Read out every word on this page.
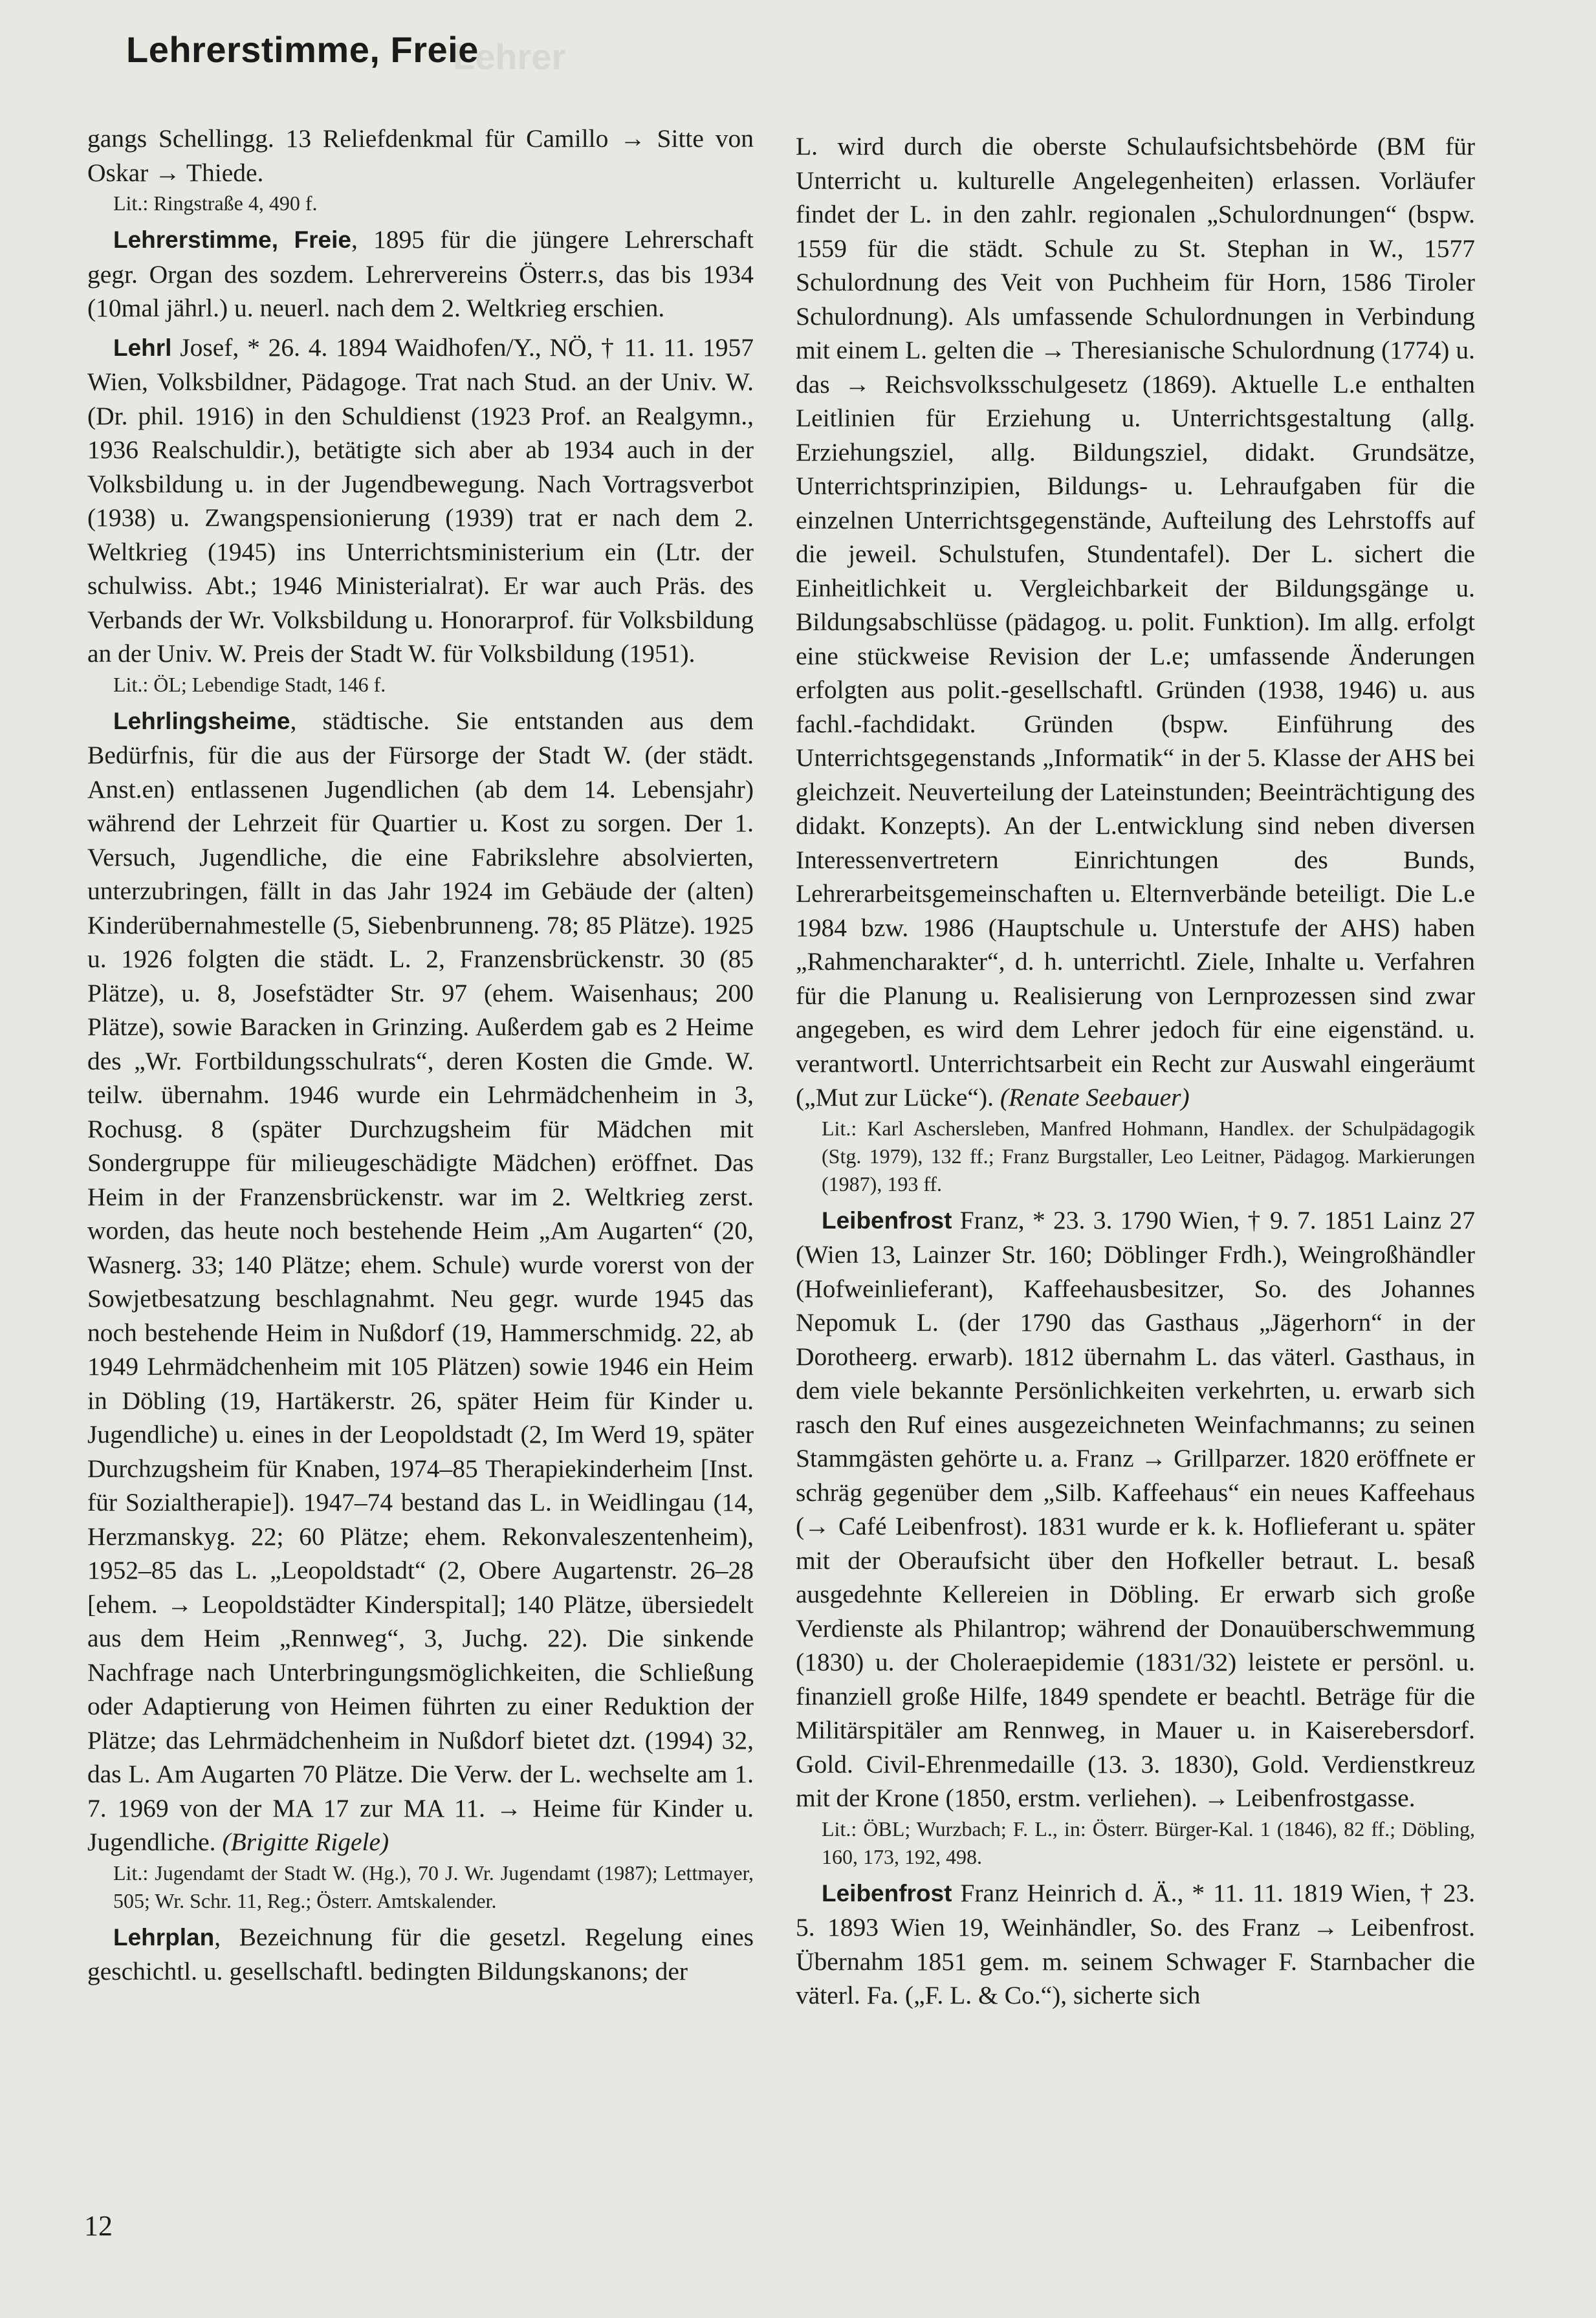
Lehrer
Lehrerstimme, Freie

gangs Schellingg. 13 Reliefdenkmal für Camillo → Sitte von Oskar → Thiede.

Lit.: Ringstraße 4, 490 f.

Lehrerstimme, Freie, 1895 für die jüngere Lehrerschaft gegr. Organ des sozdem. Lehrervereins Österr.s, das bis 1934 (10mal jährl.) u. neuerl. nach dem 2. Weltkrieg erschien.

Lehrl Josef, * 26. 4. 1894 Waidhofen/Y., NÖ, † 11. 11. 1957 Wien, Volksbildner, Pädagoge. Trat nach Stud. an der Univ. W. (Dr. phil. 1916) in den Schuldienst (1923 Prof. an Realgymn., 1936 Realschuldir.), betätigte sich aber ab 1934 auch in der Volksbildung u. in der Jugendbewegung. Nach Vortragsverbot (1938) u. Zwangspensionierung (1939) trat er nach dem 2. Weltkrieg (1945) ins Unterrichtsministerium ein (Ltr. der schulwiss. Abt.; 1946 Ministerialrat). Er war auch Präs. des Verbands der Wr. Volksbildung u. Honorarprof. für Volksbildung an der Univ. W. Preis der Stadt W. für Volksbildung (1951).

Lit.: ÖL; Lebendige Stadt, 146 f.

Lehrlingsheime, städtische. Sie entstanden aus dem Bedürfnis, für die aus der Fürsorge der Stadt W. (der städt. Anst.en) entlassenen Jugendlichen (ab dem 14. Lebensjahr) während der Lehrzeit für Quartier u. Kost zu sorgen. Der 1. Versuch, Jugendliche, die eine Fabrikslehre absolvierten, unterzubringen, fällt in das Jahr 1924 im Gebäude der (alten) Kinderübernahmestelle (5, Siebenbrunneng. 78; 85 Plätze). 1925 u. 1926 folgten die städt. L. 2, Franzensbrückenstr. 30 (85 Plätze), u. 8, Josefstädter Str. 97 (ehem. Waisenhaus; 200 Plätze), sowie Baracken in Grinzing. Außerdem gab es 2 Heime des „Wr. Fortbildungsschulrats“, deren Kosten die Gmde. W. teilw. übernahm. 1946 wurde ein Lehrmädchenheim in 3, Rochusg. 8 (später Durchzugsheim für Mädchen mit Sondergruppe für milieugeschädigte Mädchen) eröffnet. Das Heim in der Franzensbrückenstr. war im 2. Weltkrieg zerst. worden, das heute noch bestehende Heim „Am Augarten“ (20, Wasnerg. 33; 140 Plätze; ehem. Schule) wurde vorerst von der Sowjetbesatzung beschlagnahmt. Neu gegr. wurde 1945 das noch bestehende Heim in Nußdorf (19, Hammerschmidg. 22, ab 1949 Lehrmädchenheim mit 105 Plätzen) sowie 1946 ein Heim in Döbling (19, Hartäkerstr. 26, später Heim für Kinder u. Jugendliche) u. eines in der Leopoldstadt (2, Im Werd 19, später Durchzugsheim für Knaben, 1974–85 Therapiekinderheim [Inst. für Sozialtherapie]). 1947–74 bestand das L. in Weidlingau (14, Herzmanskyg. 22; 60 Plätze; ehem. Rekonvaleszentenheim), 1952–85 das L. „Leopoldstadt“ (2, Obere Augartenstr. 26–28 [ehem. → Leopoldstädter Kinderspital]; 140 Plätze, übersiedelt aus dem Heim „Rennweg“, 3, Juchg. 22). Die sinkende Nachfrage nach Unterbringungsmöglichkeiten, die Schließung oder Adaptierung von Heimen führten zu einer Reduktion der Plätze; das Lehrmädchenheim in Nußdorf bietet dzt. (1994) 32, das L. Am Augarten 70 Plätze. Die Verw. der L. wechselte am 1. 7. 1969 von der MA 17 zur MA 11. → Heime für Kinder u. Jugendliche. (Brigitte Rigele)

Lit.: Jugendamt der Stadt W. (Hg.), 70 J. Wr. Jugendamt (1987); Lettmayer, 505; Wr. Schr. 11, Reg.; Österr. Amtskalender.

Lehrplan, Bezeichnung für die gesetzl. Regelung eines geschichtl. u. gesellschaftl. bedingten Bildungskanons; der

L. wird durch die oberste Schulaufsichtsbehörde (BM für Unterricht u. kulturelle Angelegenheiten) erlassen. Vorläufer findet der L. in den zahlr. regionalen „Schulordnungen“ (bspw. 1559 für die städt. Schule zu St. Stephan in W., 1577 Schulordnung des Veit von Puchheim für Horn, 1586 Tiroler Schulordnung). Als umfassende Schulordnungen in Verbindung mit einem L. gelten die → Theresianische Schulordnung (1774) u. das → Reichsvolksschulgesetz (1869). Aktuelle L.e enthalten Leitlinien für Erziehung u. Unterrichtsgestaltung (allg. Erziehungsziel, allg. Bildungsziel, didakt. Grundsätze, Unterrichtsprinzipien, Bildungs- u. Lehraufgaben für die einzelnen Unterrichtsgegenstände, Aufteilung des Lehrstoffs auf die jeweil. Schulstufen, Stundentafel). Der L. sichert die Einheitlichkeit u. Vergleichbarkeit der Bildungsgänge u. Bildungsabschlüsse (pädagog. u. polit. Funktion). Im allg. erfolgt eine stückweise Revision der L.e; umfassende Änderungen erfolgten aus polit.-gesellschaftl. Gründen (1938, 1946) u. aus fachl.-fachdidakt. Gründen (bspw. Einführung des Unterrichtsgegenstands „Informatik“ in der 5. Klasse der AHS bei gleichzeit. Neuverteilung der Lateinstunden; Beeinträchtigung des didakt. Konzepts). An der L.entwicklung sind neben diversen Interessenvertretern Einrichtungen des Bunds, Lehrerarbeitsgemeinschaften u. Elternverbände beteiligt. Die L.e 1984 bzw. 1986 (Hauptschule u. Unterstufe der AHS) haben „Rahmencharakter“, d. h. unterrichtl. Ziele, Inhalte u. Verfahren für die Planung u. Realisierung von Lernprozessen sind zwar angegeben, es wird dem Lehrer jedoch für eine eigenständ. u. verantwortl. Unterrichtsarbeit ein Recht zur Auswahl eingeräumt („Mut zur Lücke“). (Renate Seebauer)

Lit.: Karl Aschersleben, Manfred Hohmann, Handlex. der Schulpädagogik (Stg. 1979), 132 ff.; Franz Burgstaller, Leo Leitner, Pädagog. Markierungen (1987), 193 ff.

Leibenfrost Franz, * 23. 3. 1790 Wien, † 9. 7. 1851 Lainz 27 (Wien 13, Lainzer Str. 160; Döblinger Frdh.), Weingroßhändler (Hofweinlieferant), Kaffeehausbesitzer, So. des Johannes Nepomuk L. (der 1790 das Gasthaus „Jägerhorn“ in der Dorotheerg. erwarb). 1812 übernahm L. das väterl. Gasthaus, in dem viele bekannte Persönlichkeiten verkehrten, u. erwarb sich rasch den Ruf eines ausgezeichneten Weinfachmanns; zu seinen Stammgästen gehörte u. a. Franz → Grillparzer. 1820 eröffnete er schräg gegenüber dem „Silb. Kaffeehaus“ ein neues Kaffeehaus (→ Café Leibenfrost). 1831 wurde er k. k. Hoflieferant u. später mit der Oberaufsicht über den Hofkeller betraut. L. besaß ausgedehnte Kellereien in Döbling. Er erwarb sich große Verdienste als Philantrop; während der Donauüberschwemmung (1830) u. der Choleraepidemie (1831/32) leistete er persönl. u. finanziell große Hilfe, 1849 spendete er beachtl. Beträge für die Militärspitäler am Rennweg, in Mauer u. in Kaiserebersdorf. Gold. Civil-Ehrenmedaille (13. 3. 1830), Gold. Verdienstkreuz mit der Krone (1850, erstm. verliehen). → Leibenfrostgasse.

Lit.: ÖBL; Wurzbach; F. L., in: Österr. Bürger-Kal. 1 (1846), 82 ff.; Döbling, 160, 173, 192, 498.

Leibenfrost Franz Heinrich d. Ä., * 11. 11. 1819 Wien, † 23. 5. 1893 Wien 19, Weinhändler, So. des Franz → Leibenfrost. Übernahm 1851 gem. m. seinem Schwager F. Starnbacher die väterl. Fa. („F. L. & Co.“), sicherte sich

12
